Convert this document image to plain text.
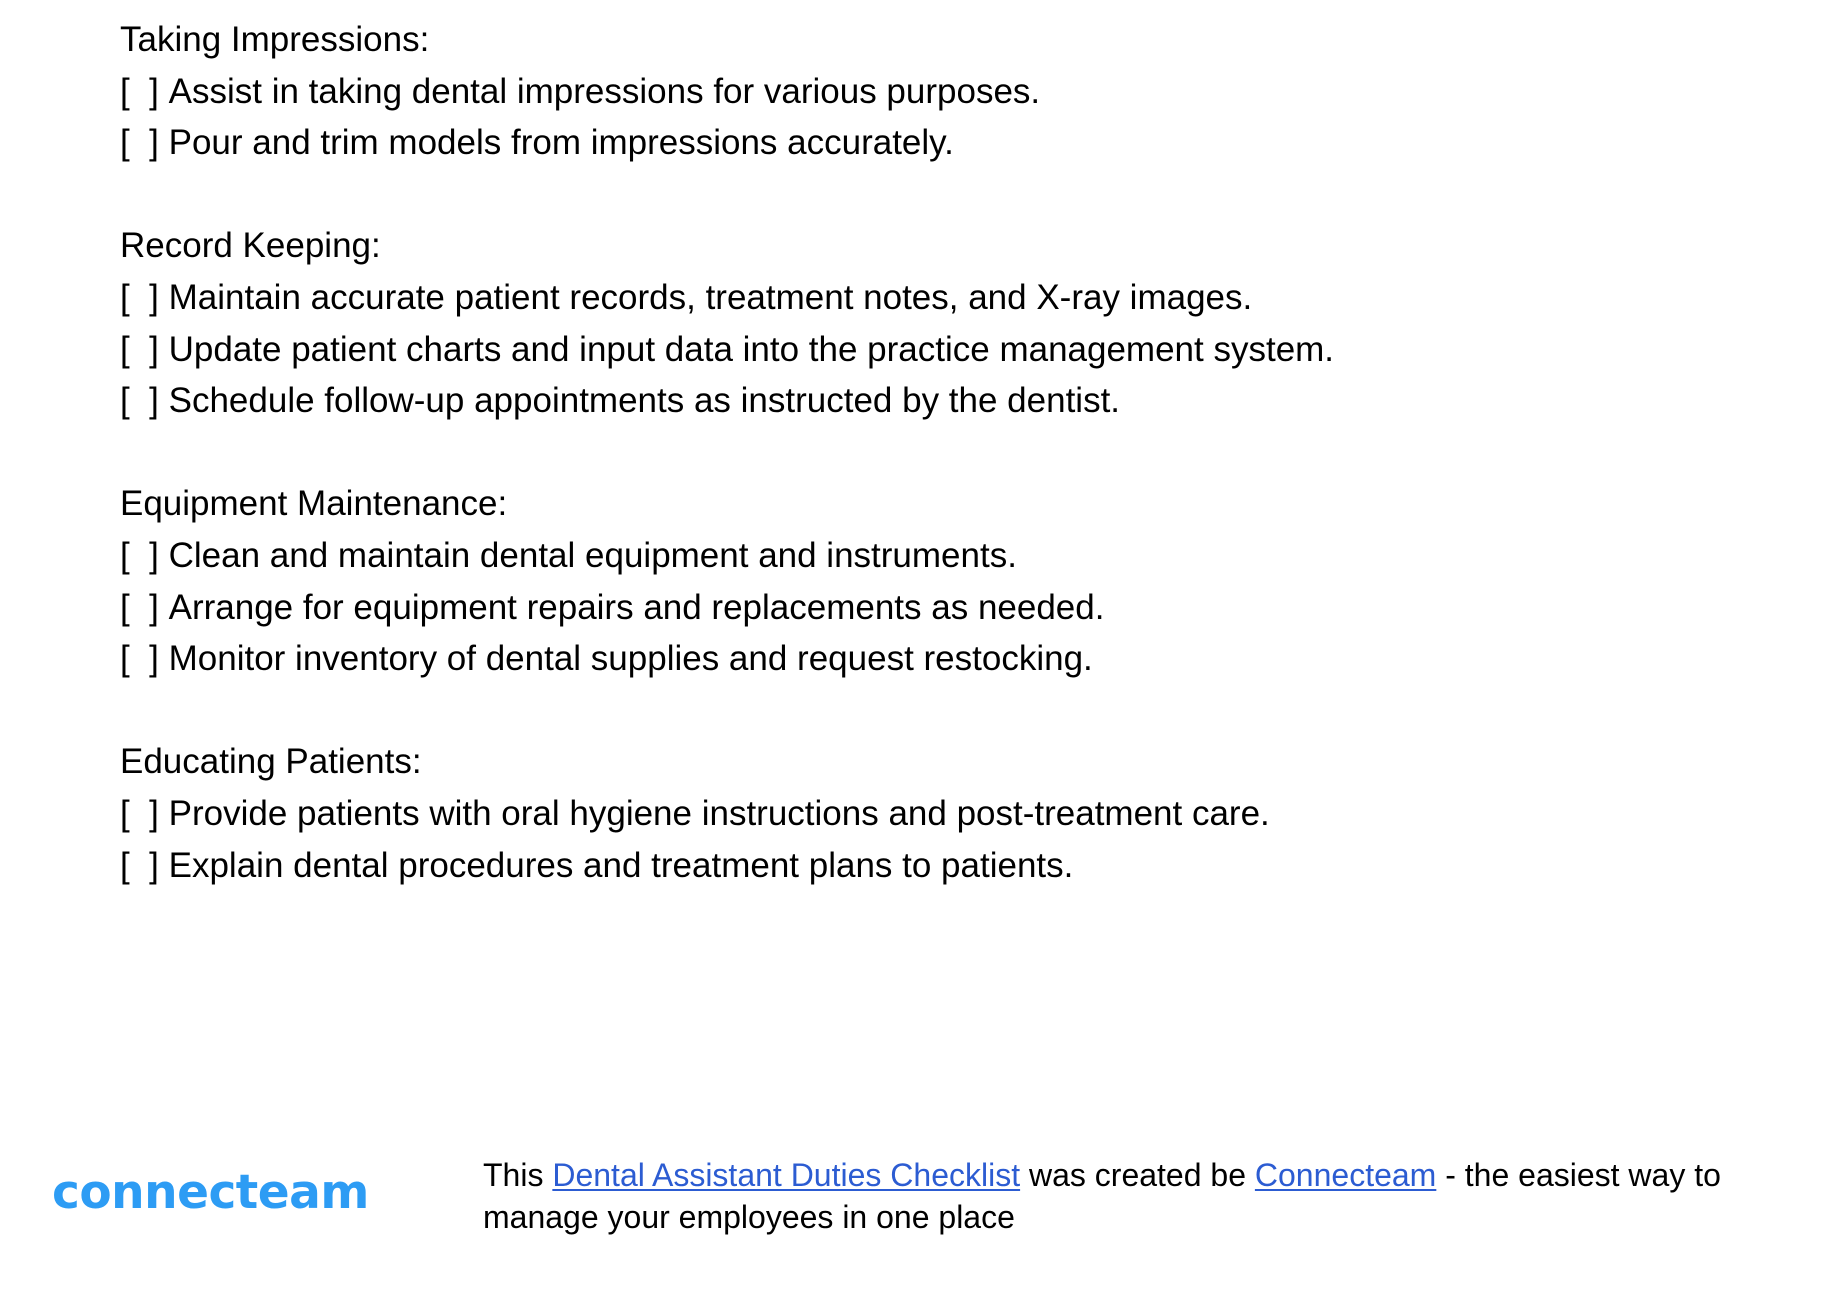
Taking Impressions:
[  ] Assist in taking dental impressions for various purposes.
[  ] Pour and trim models from impressions accurately.
Record Keeping:
[  ] Maintain accurate patient records, treatment notes, and X-ray images.
[  ] Update patient charts and input data into the practice management system.
[  ] Schedule follow-up appointments as instructed by the dentist.
Equipment Maintenance:
[  ] Clean and maintain dental equipment and instruments.
[  ] Arrange for equipment repairs and replacements as needed.
[  ] Monitor inventory of dental supplies and request restocking.
Educating Patients:
[  ] Provide patients with oral hygiene instructions and post-treatment care.
[  ] Explain dental procedures and treatment plans to patients.
connecteam	This Dental Assistant Duties Checklist was created be Connecteam - the easiest way to manage your employees in one place
